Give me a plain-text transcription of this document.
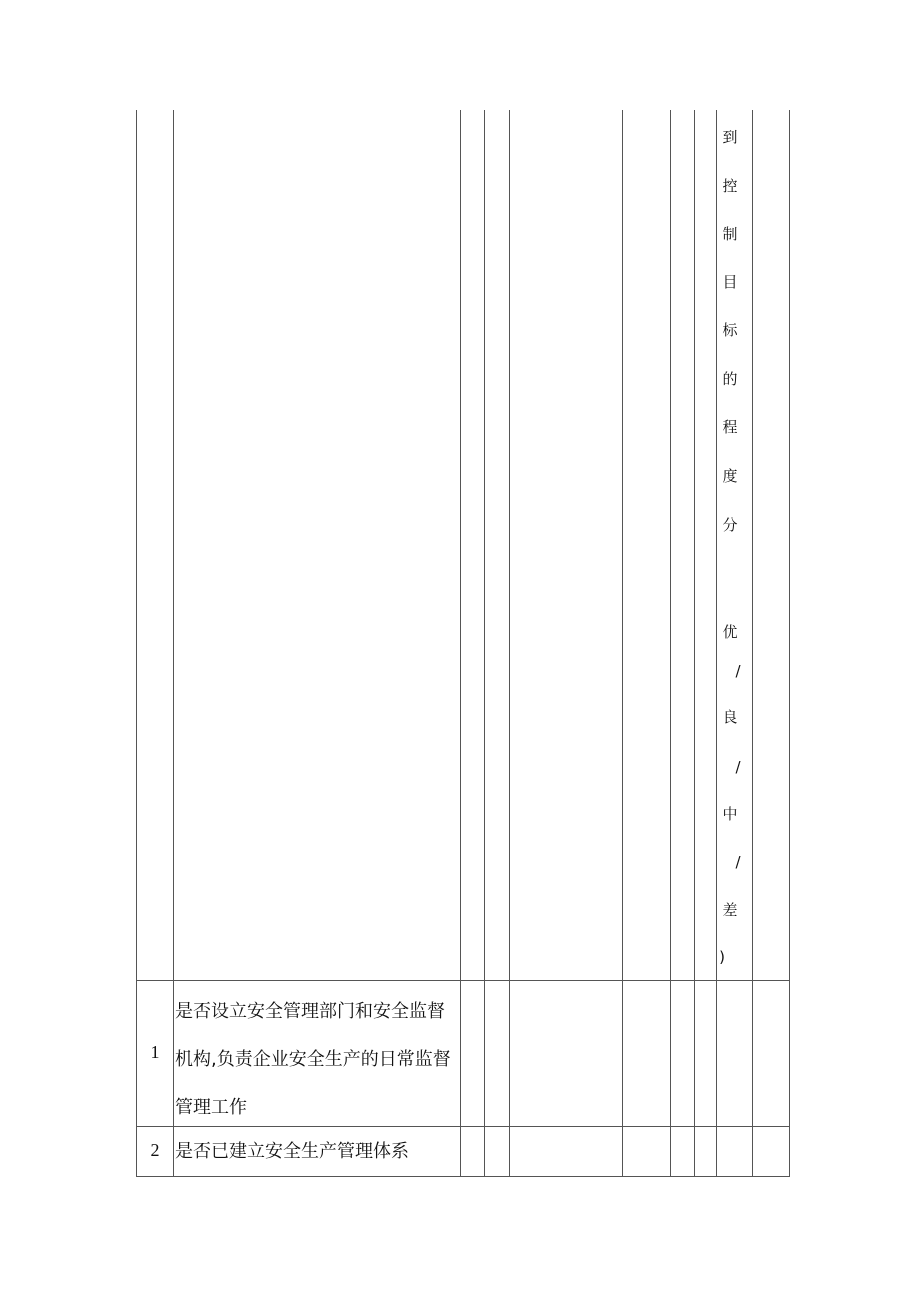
到
控
制
目
标
的
程
度
分
优
/
良
/
中
/
差
)
1
是否设立安全管理部门和安全监督机构,负责企业安全生产的日常监督管理工作
2 是否已建立安全生产管理体系
